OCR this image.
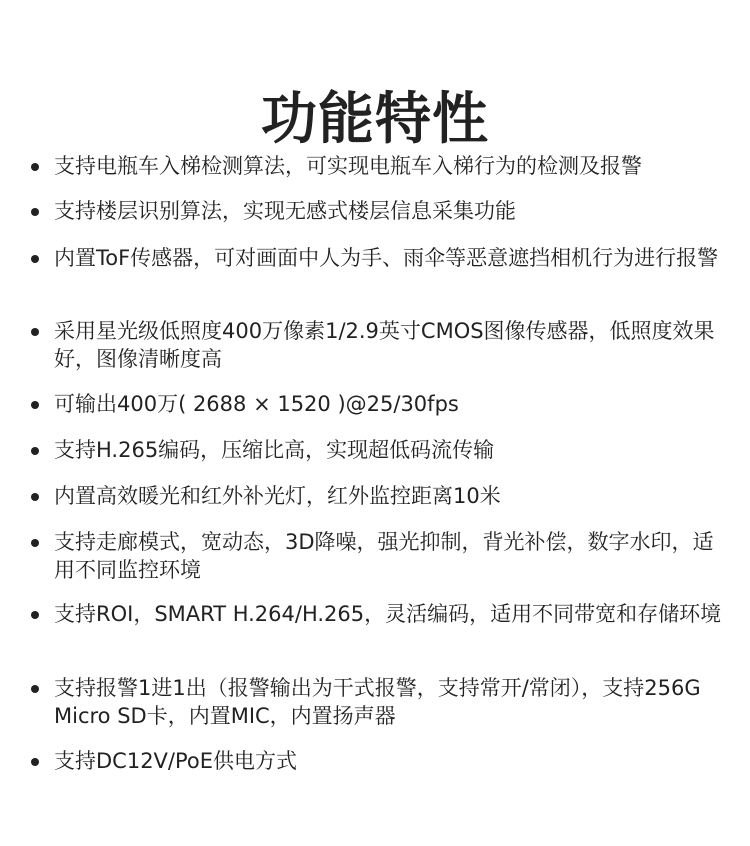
功能特性
支持电瓶车入梯检测算法，可实现电瓶车入梯行为的检测及报警
支持楼层识别算法，实现无感式楼层信息采集功能
内置ToF传感器，可对画面中人为手、雨伞等恶意遮挡相机行为进行报警
采用星光级低照度400万像素1/2.9英寸CMOS图像传感器，低照度效果好，图像清晰度高
可输出400万( 2688 × 1520 )@25/30fps
支持H.265编码，压缩比高，实现超低码流传输
内置高效暖光和红外补光灯，红外监控距离10米
支持走廊模式，宽动态，3D降噪，强光抑制，背光补偿，数字水印，适用不同监控环境
支持ROI，SMART H.264/H.265，灵活编码，适用不同带宽和存储环境
支持报警1进1出（报警输出为干式报警，支持常开/常闭），支持256G Micro SD卡，内置MIC，内置扬声器
支持DC12V/PoE供电方式
